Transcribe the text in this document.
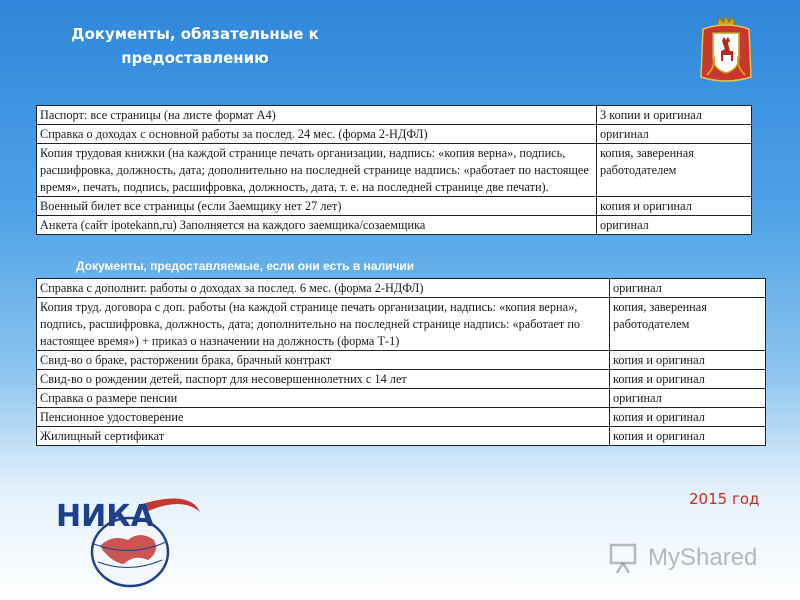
Документы, обязательные к предоставлению
Паспорт: все страницы (на листе формат А4)	3 копии и оригинал
Справка о доходах с основной работы за послед. 24 мес. (форма 2-НДФЛ)	оригинал
Копия трудовая книжки (на каждой странице печать организации, надпись: «копия верна», подпись, расшифровка, должность, дата; дополнительно на последней странице надпись: «работает по настоящее время», печать, подпись, расшифровка, должность, дата, т. е. на последней странице две печати).	копия, заверенная работодателем
Военный билет все страницы (если Заемщику нет 27 лет)	копия и оригинал
Анкета (сайт ipotekann,ru) Заполняется на каждого заемщика/созаемщика	оригинал
Документы, предоставляемые, если они есть в наличии
Справка с дополнит. работы о доходах за послед. 6 мес. (форма 2-НДФЛ)	оригинал
Копия труд. договора с доп. работы (на каждой странице печать организации, надпись: «копия верна», подпись, расшифровка, должность, дата; дополнительно на последней странице надпись: «работает по настоящее время») + приказ о назначении на должность (форма Т-1)	копия, заверенная работодателем
Свид-во о браке, расторжении брака, брачный контракт	копия и оригинал
Свид-во о рождении детей, паспорт для несовершеннолетних с 14 лет	копия и оригинал
Справка о размере пенсии	оригинал
Пенсионное удостоверение	копия и оригинал
Жилищный сертификат	копия и оригинал
НИКА	2015 год
MyShared
